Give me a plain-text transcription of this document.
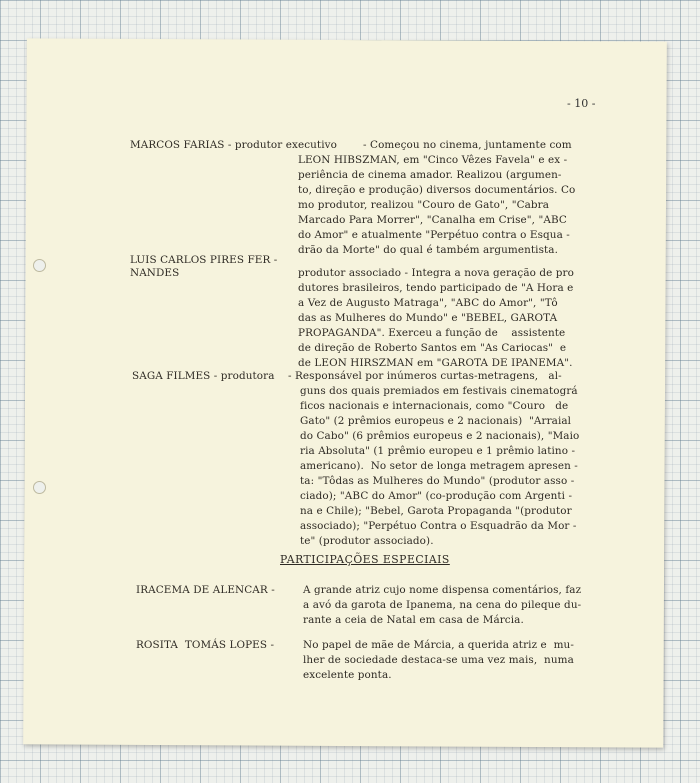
- 10 -
MARCOS FARIAS - produtor executivo	- Começou no cinema, juntamente com
LEON HIBSZMAN, em "Cinco Vêzes Favela" e ex -
periência de cinema amador. Realizou (argumen-
to, direção e produção) diversos documentários. Co
mo produtor, realizou "Couro de Gato", "Cabra
Marcado Para Morrer", "Canalha em Crise", "ABC
do Amor" e atualmente "Perpétuo contra o Esqua -
drão da Morte" do qual é também argumentista.
LUIS CARLOS PIRES FER -
NANDES	produtor associado - Integra a nova geração de pro
dutores brasileiros, tendo participado de "A Hora e
a Vez de Augusto Matraga", "ABC do Amor", "Tô
das as Mulheres do Mundo" e "BEBEL, GAROTA
PROPAGANDA". Exerceu a função de    assistente
de direção de Roberto Santos em "As Cariocas"  e
de LEON HIRSZMAN em "GAROTA DE IPANEMA".
SAGA FILMES - produtora - Responsável por inúmeros curtas-metragens,   al-
guns dos quais premiados em festivais cinematográ
ficos nacionais e internacionais, como "Couro   de
Gato" (2 prêmios europeus e 2 nacionais)  "Arraial
do Cabo" (6 prêmios europeus e 2 nacionais), "Maio
ria Absoluta" (1 prêmio europeu e 1 prêmio latino -
americano).  No setor de longa metragem apresen -
ta: "Tôdas as Mulheres do Mundo" (produtor asso -
ciado); "ABC do Amor" (co-produção com Argenti -
na e Chile); "Bebel, Garota Propaganda "(produtor
associado); "Perpétuo Contra o Esquadrão da Mor -
te" (produtor associado).
PARTICIPAÇÕES ESPECIAIS
IRACEMA DE ALENCAR -	A grande atriz cujo nome dispensa comentários, faz
a avó da garota de Ipanema, na cena do pileque du-
rante a ceia de Natal em casa de Márcia.
ROSITA  TOMÁS LOPES -	No papel de mãe de Márcia, a querida atriz e  mu-
lher de sociedade destaca-se uma vez mais,  numa
excelente ponta.
